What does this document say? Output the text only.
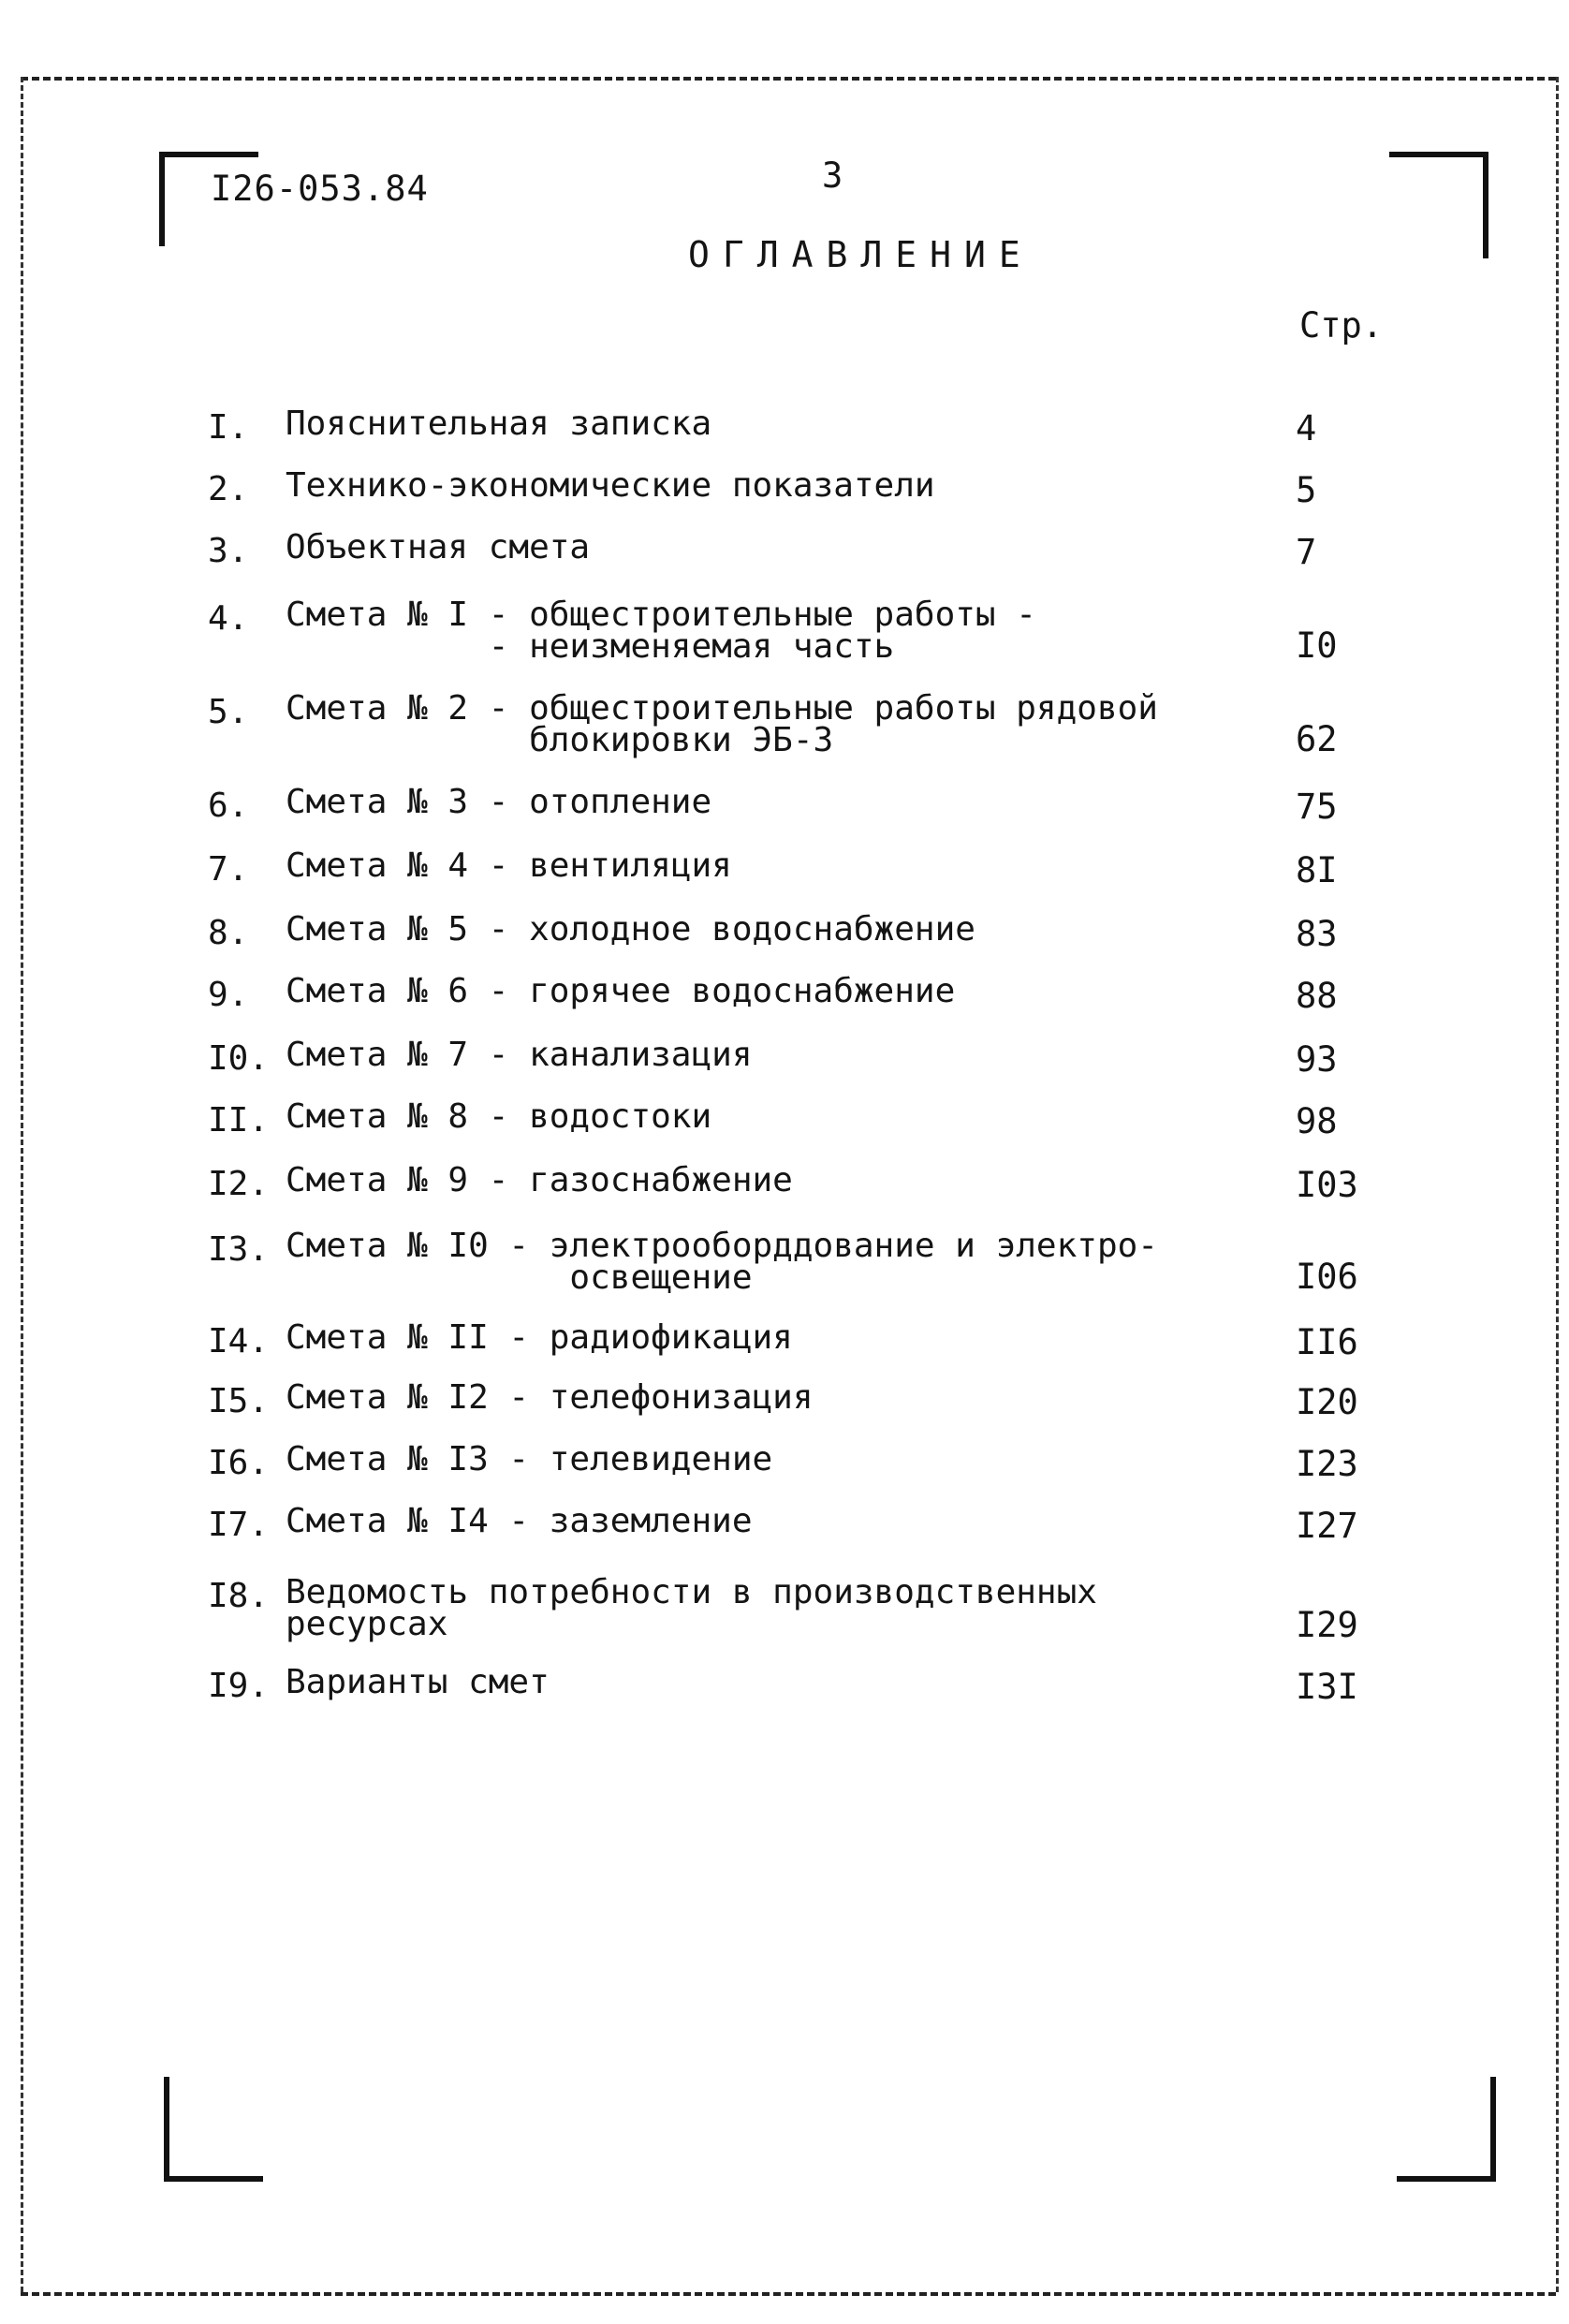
I26-053.84	3
ОГЛАВЛЕНИЕ
Стр.
I. Пояснительная записка	4
2. Технико-экономические показатели	5
3. Объектная смета	7
4. Смета № I - общестроительные работы -
- неизменяемая часть	I0
5. Смета № 2 - общестроительные работы рядовой
блокировки ЭБ-3	62
6. Смета № 3 - отопление	75
7. Смета № 4 - вентиляция	8I
8. Смета № 5 - холодное водоснабжение	83
9. Смета № 6 - горячее водоснабжение	88
I0. Смета № 7 - канализация	93
II. Смета № 8 - водостоки	98
I2. Смета № 9 - газоснабжение	I03
I3. Смета № I0 - электрооборддование и электро-
освещение	I06
I4. Смета № II - радиофикация	II6
I5. Смета № I2 - телефонизация	I20
I6. Смета № I3 - телевидение	I23
I7. Смета № I4 - заземление	I27
I8. Ведомость потребности в производственных
ресурсах	I29
I9. Варианты смет	I3I
